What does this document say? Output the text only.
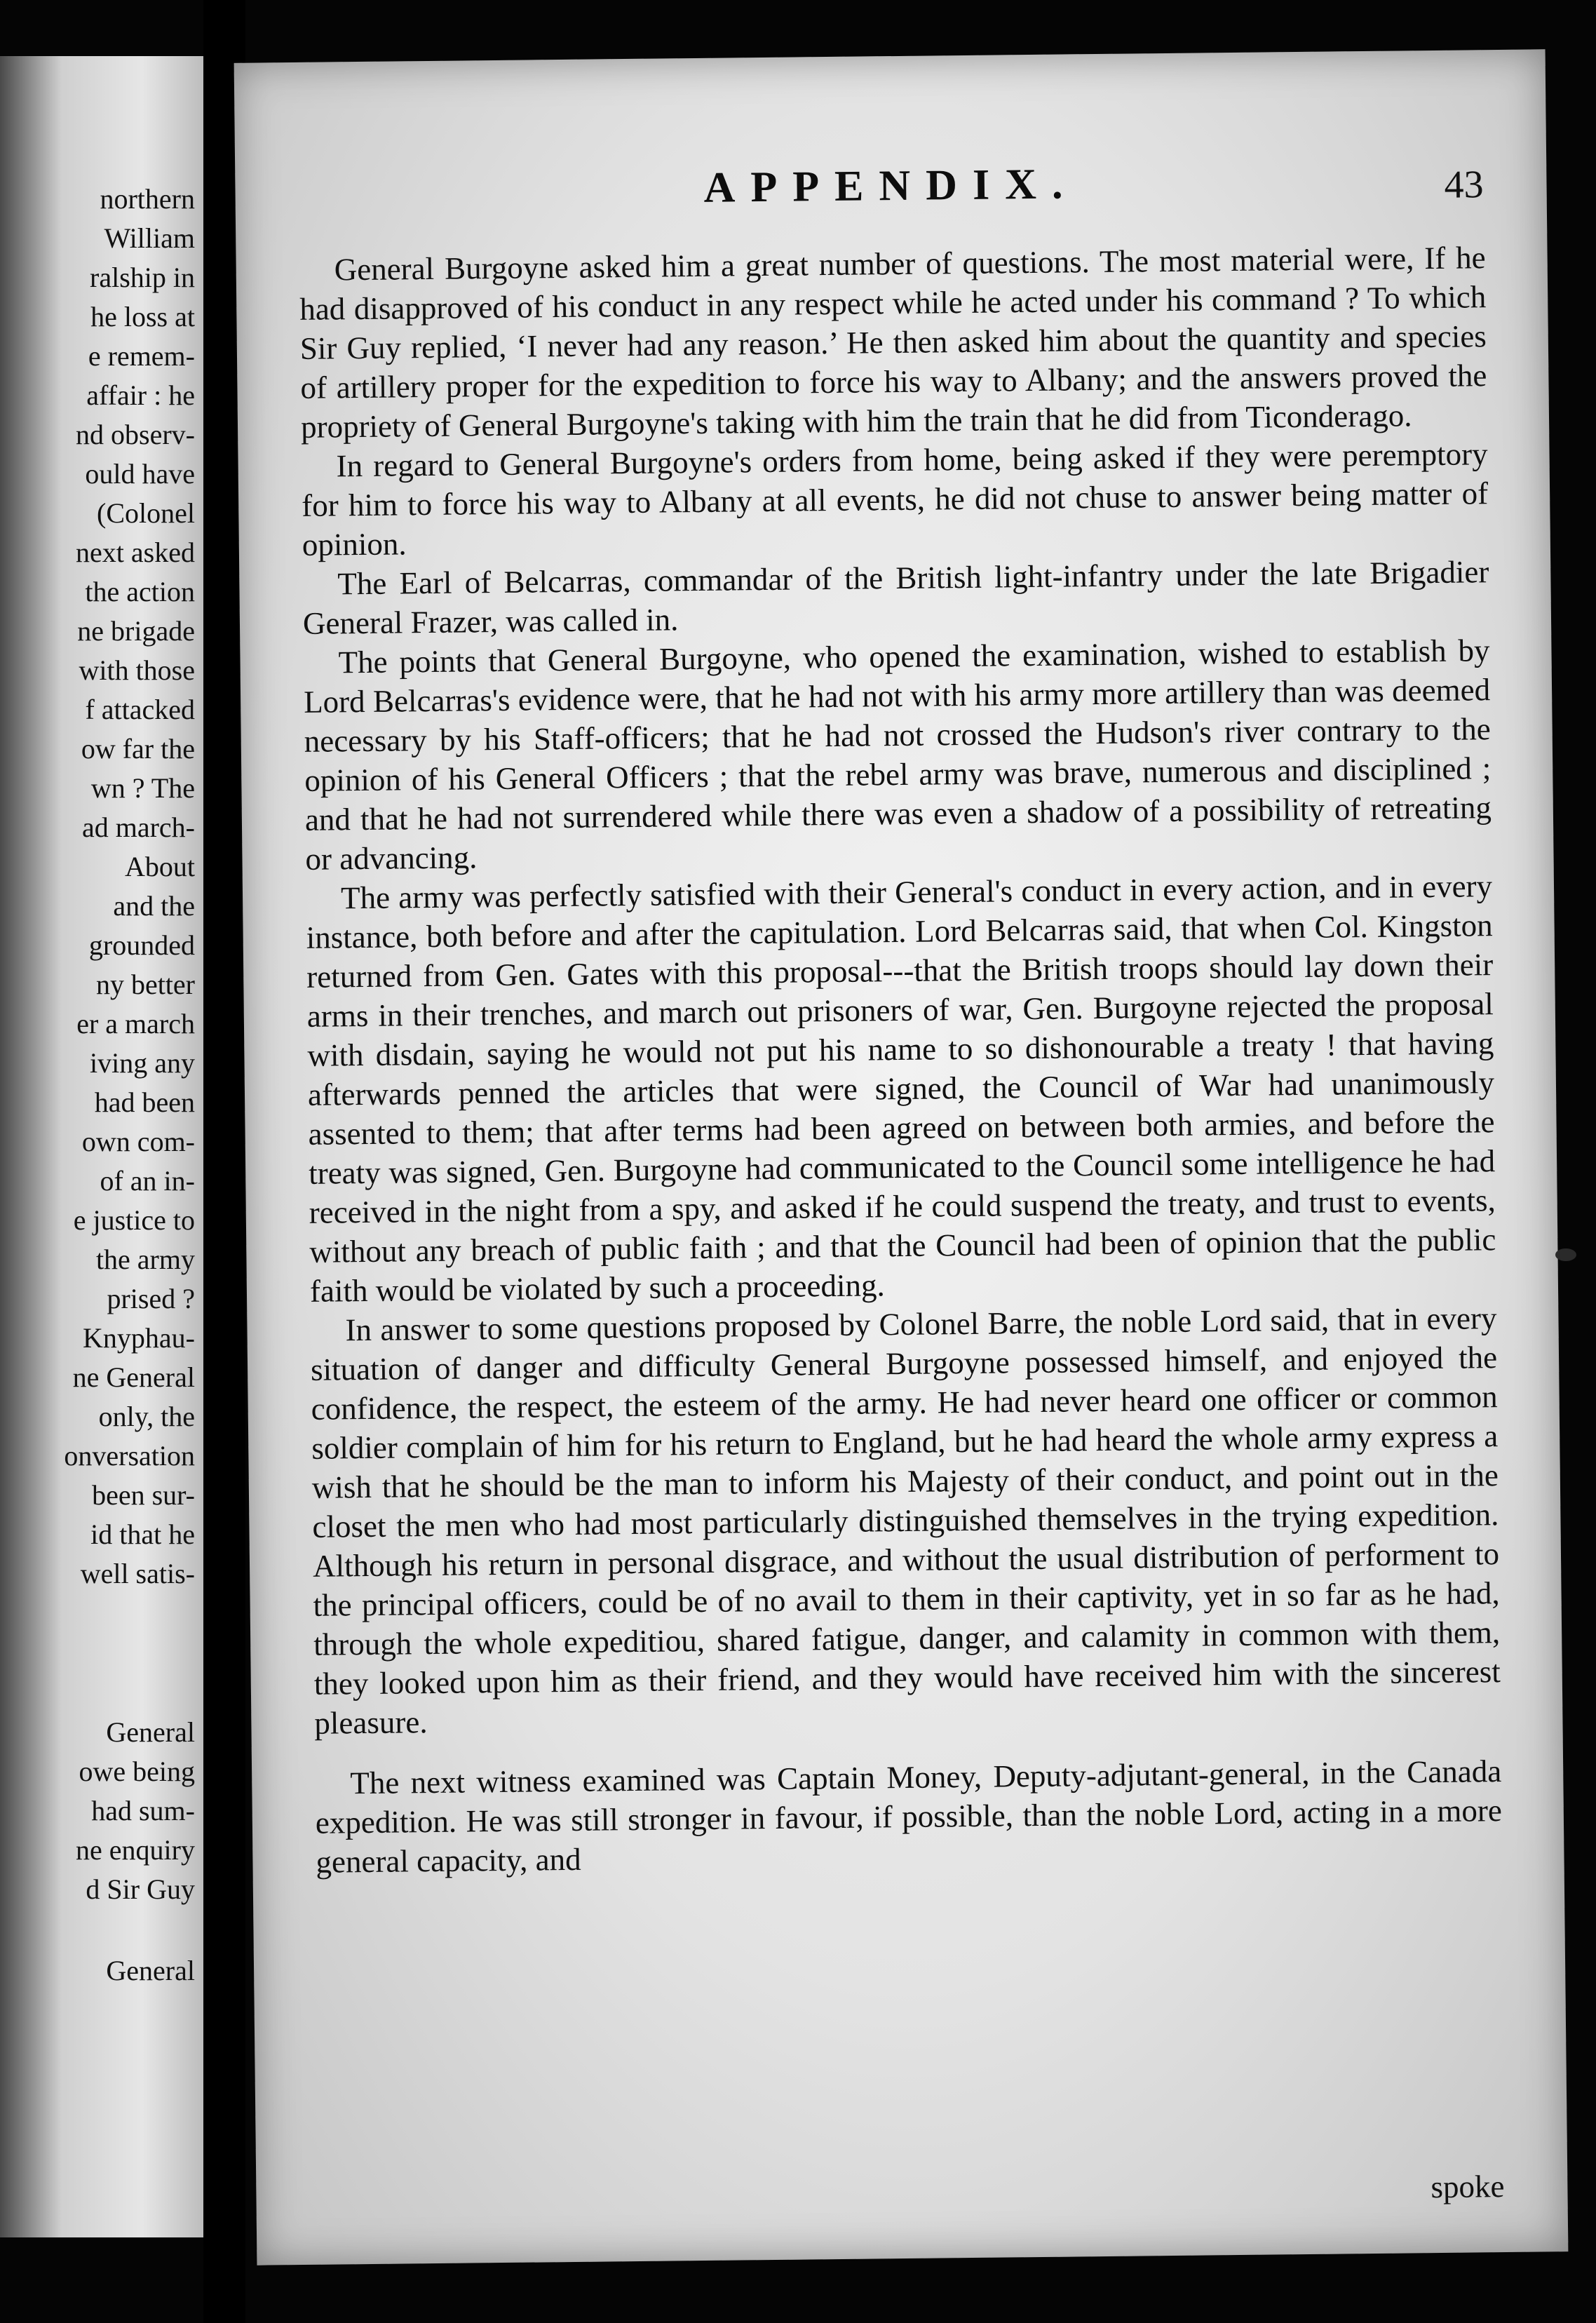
northern
William
ralship in
he loss at
e remem-
affair : he
nd observ-
ould have
(Colonel
next asked
the action
ne brigade
with those
f attacked
ow far the
wn ? The
ad march-
About
and the
grounded
ny better
er a march
iving any
had been
own com-
of an in-
e justice to
the army
prised ?
Knyphau-
ne General
only, the
onversation
been sur-
id that he
well satis-
General
owe being
had sum-
ne enquiry
d Sir Guy
General
APPENDIX.	43

General Burgoyne asked him a great number of questions. The most material were, If he had disapproved of his conduct in any respect while he acted under his command ? To which Sir Guy replied, ‘I never had any reason.’ He then asked him about the quantity and species of artillery proper for the expedition to force his way to Albany; and the answers proved the propriety of General Burgoyne's taking with him the train that he did from Ticonderago.

In regard to General Burgoyne's orders from home, being asked if they were peremptory for him to force his way to Albany at all events, he did not chuse to answer being matter of opinion.

The Earl of Belcarras, commandar of the British light-infantry under the late Brigadier General Frazer, was called in.

The points that General Burgoyne, who opened the examination, wished to establish by Lord Belcarras's evidence were, that he had not with his army more artillery than was deemed necessary by his Staff-officers; that he had not crossed the Hudson's river contrary to the opinion of his General Officers ; that the rebel army was brave, numerous and disciplined ; and that he had not surrendered while there was even a shadow of a possibility of retreating or advancing.

The army was perfectly satisfied with their General's conduct in every action, and in every instance, both before and after the capitulation. Lord Belcarras said, that when Col. Kingston returned from Gen. Gates with this proposal---that the British troops should lay down their arms in their trenches, and march out prisoners of war, Gen. Burgoyne rejected the proposal with disdain, saying he would not put his name to so dishonourable a treaty ! that having afterwards penned the articles that were signed, the Council of War had unanimously assented to them; that after terms had been agreed on between both armies, and before the treaty was signed, Gen. Burgoyne had communicated to the Council some intelligence he had received in the night from a spy, and asked if he could suspend the treaty, and trust to events, without any breach of public faith ; and that the Council had been of opinion that the public faith would be violated by such a proceeding.

In answer to some questions proposed by Colonel Barre, the noble Lord said, that in every situation of danger and difficulty General Burgoyne possessed himself, and enjoyed the confidence, the respect, the esteem of the army. He had never heard one officer or common soldier complain of him for his return to England, but he had heard the whole army express a wish that he should be the man to inform his Majesty of their conduct, and point out in the closet the men who had most particularly distinguished themselves in the trying expedition. Although his return in personal disgrace, and without the usual distribution of performent to the principal officers, could be of no avail to them in their captivity, yet in so far as he had, through the whole expeditiou, shared fatigue, danger, and calamity in common with them, they looked upon him as their friend, and they would have received him with the sincerest pleasure.

The next witness examined was Captain Money, Deputy-adjutant-general, in the Canada expedition. He was still stronger in favour, if possible, than the noble Lord, acting in a more general capacity, and

spoke
